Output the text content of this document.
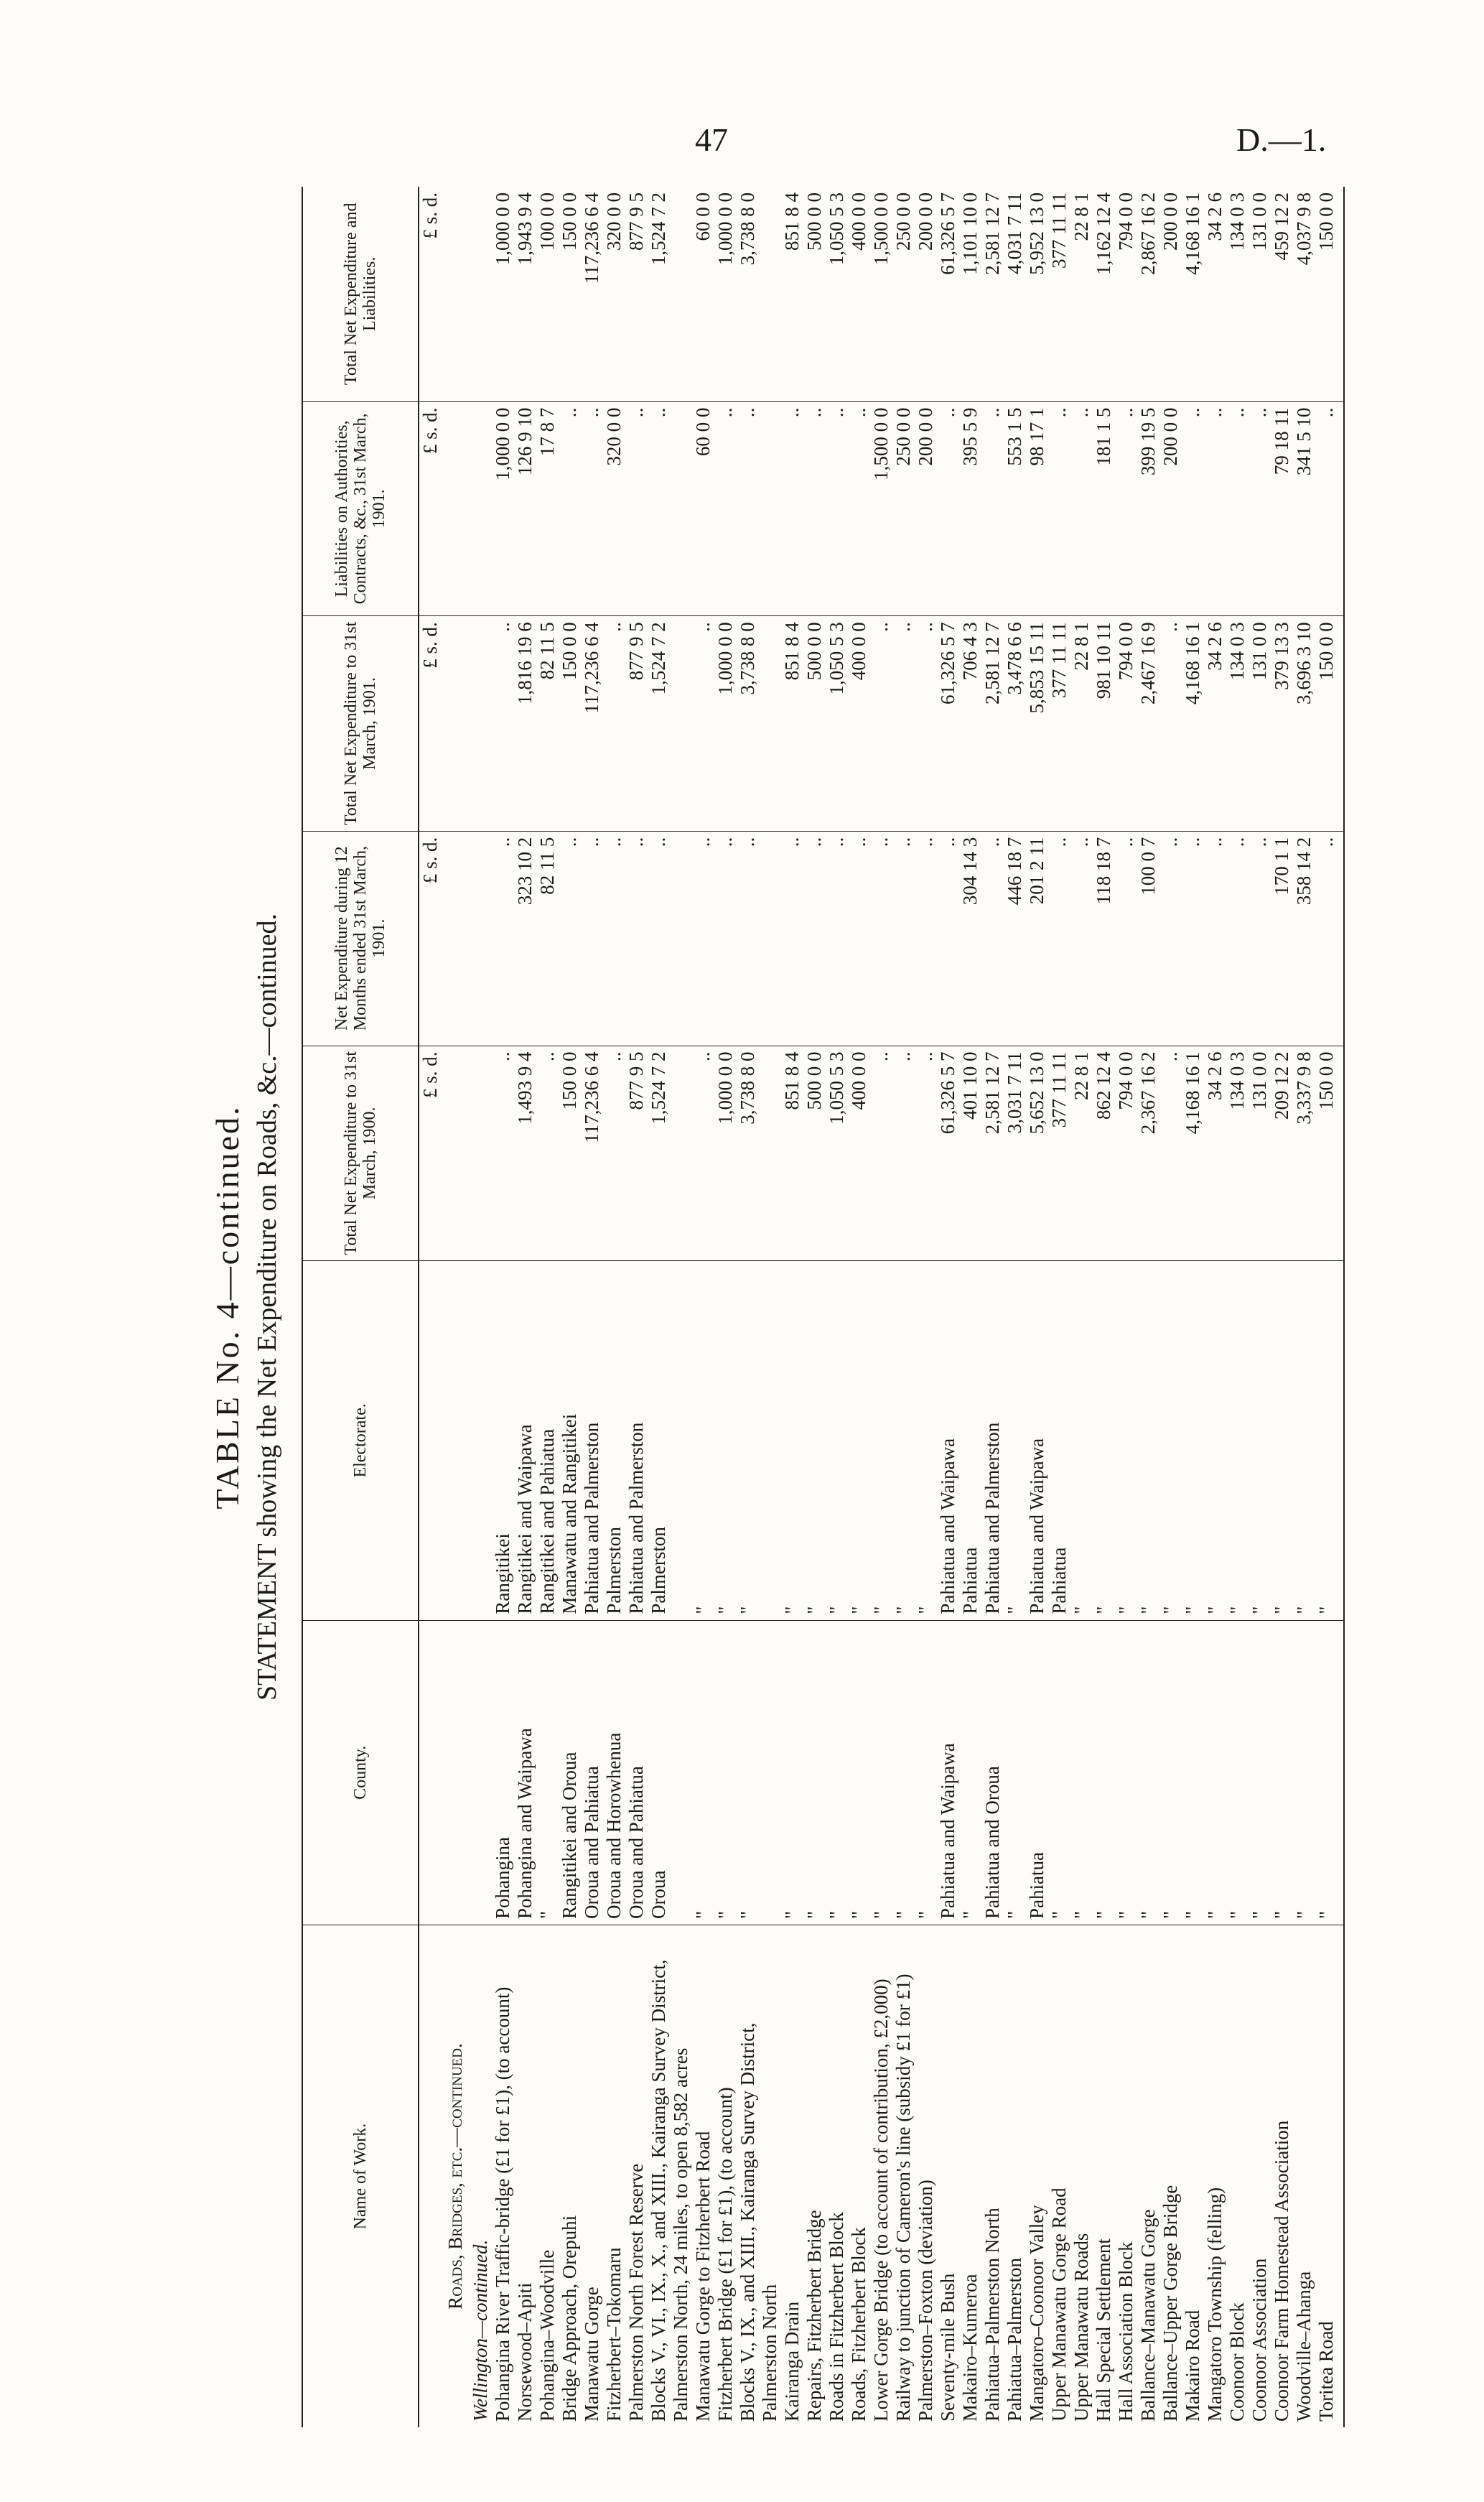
47	D.—1.
TABLE No. 4—continued. STATEMENT showing the Net Expenditure on Roads, &c.—continued.
Name of Work.	County.	Electorate.	Total Net Expenditure to 31st March, 1900.	Net Expenditure during 12 Months ended 31st March, 1901.	Total Net Expenditure to 31st March, 1901.	Liabilities on Authorities, Contracts, &c., 31st March, 1901.	Total Net Expenditure and Liabilities.
			£ s. d.	£ s. d.	£ s. d.	£ s. d.	£ s. d.
Roads, Bridges, etc.—continued.							
Wellington—continued.							
Pohangina River Traffic-bridge (£1 for £1), (to account)	Pohangina	Rangitikei	..	..	..	1,000 0 0	1,000 0 0
Norsewood–Apiti	Pohangina and Waipawa	Rangitikei and Waipawa	1,493 9 4	323 10 2	1,816 19 6	126 9 10	1,943 9 4
Pohangina–Woodville	"	Rangitikei and Pahiatua	..	82 11 5	82 11 5	17 8 7	100 0 0
Bridge Approach, Orepuhi	Rangitikei and Oroua	Manawatu and Rangitikei	150 0 0	..	150 0 0	..	150 0 0
Manawatu Gorge	Oroua and Pahiatua	Pahiatua and Palmerston	117,236 6 4	..	117,236 6 4	..	117,236 6 4
Fitzherbert–Tokomaru	Oroua and Horowhenua	Palmerston	..	..	..	320 0 0	320 0 0
Palmerston North Forest Reserve	Oroua and Pahiatua	Pahiatua and Palmerston	877 9 5	..	877 9 5	..	877 9 5
Blocks V., VI., IX., X., and XIII., Kairanga Survey District, Palmerston North, 24 miles, to open 8,582 acres	Oroua	Palmerston	1,524 7 2	..	1,524 7 2	..	1,524 7 2
Manawatu Gorge to Fitzherbert Road	"	"	..	..	..	60 0 0	60 0 0
Fitzherbert Bridge (£1 for £1), (to account)	"	"	1,000 0 0	..	1,000 0 0	..	1,000 0 0
Blocks V., IX., and XIII., Kairanga Survey District, Palmerston North	"	"	3,738 8 0	..	3,738 8 0	..	3,738 8 0
Kairanga Drain	"	"	851 8 4	..	851 8 4	..	851 8 4
Repairs, Fitzherbert Bridge	"	"	500 0 0	..	500 0 0	..	500 0 0
Roads in Fitzherbert Block	"	"	1,050 5 3	..	1,050 5 3	..	1,050 5 3
Roads, Fitzherbert Block	"	"	400 0 0	..	400 0 0	..	400 0 0
Lower Gorge Bridge (to account of contribution, £2,000)	"	"	..	..	..	1,500 0 0	1,500 0 0
Railway to junction of Cameron's line (subsidy £1 for £1)	"	"	..	..	..	250 0 0	250 0 0
Palmerston–Foxton (deviation)	"	"	..	..	..	200 0 0	200 0 0
Seventy-mile Bush	Pahiatua and Waipawa	Pahiatua and Waipawa	61,326 5 7	..	61,326 5 7	..	61,326 5 7
Makairo–Kumeroa	"	Pahiatua	401 10 0	304 14 3	706 4 3	395 5 9	1,101 10 0
Pahiatua–Palmerston North	Pahiatua and Oroua	Pahiatua and Palmerston	2,581 12 7	..	2,581 12 7	..	2,581 12 7
Pahiatua–Palmerston	"	"	3,031 7 11	446 18 7	3,478 6 6	553 1 5	4,031 7 11
Mangatoro–Coonoor Valley	Pahiatua	Pahiatua and Waipawa	5,652 13 0	201 2 11	5,853 15 11	98 17 1	5,952 13 0
Upper Manawatu Gorge Road	"	Pahiatua	377 11 11	..	377 11 11	..	377 11 11
Upper Manawatu Roads	"	"	22 8 1	..	22 8 1	..	22 8 1
Hall Special Settlement	"	"	862 12 4	118 18 7	981 10 11	181 1 5	1,162 12 4
Hall Association Block	"	"	794 0 0	..	794 0 0	..	794 0 0
Ballance–Manawatu Gorge	"	"	2,367 16 2	100 0 7	2,467 16 9	399 19 5	2,867 16 2
Ballance–Upper Gorge Bridge	"	"	..	..	..	200 0 0	200 0 0
Makairo Road	"	"	4,168 16 1	..	4,168 16 1	..	4,168 16 1
Mangatoro Township (felling)	"	"	34 2 6	..	34 2 6	..	34 2 6
Coonoor Block	"	"	134 0 3	..	134 0 3	..	134 0 3
Coonoor Association	"	"	131 0 0	..	131 0 0	..	131 0 0
Coonoor Farm Homestead Association	"	"	209 12 2	170 1 1	379 13 3	79 18 11	459 12 2
Woodville–Ahanga	"	"	3,337 9 8	358 14 2	3,696 3 10	341 5 10	4,037 9 8
Toritea Road	"	"	150 0 0	..	150 0 0	..	150 0 0
